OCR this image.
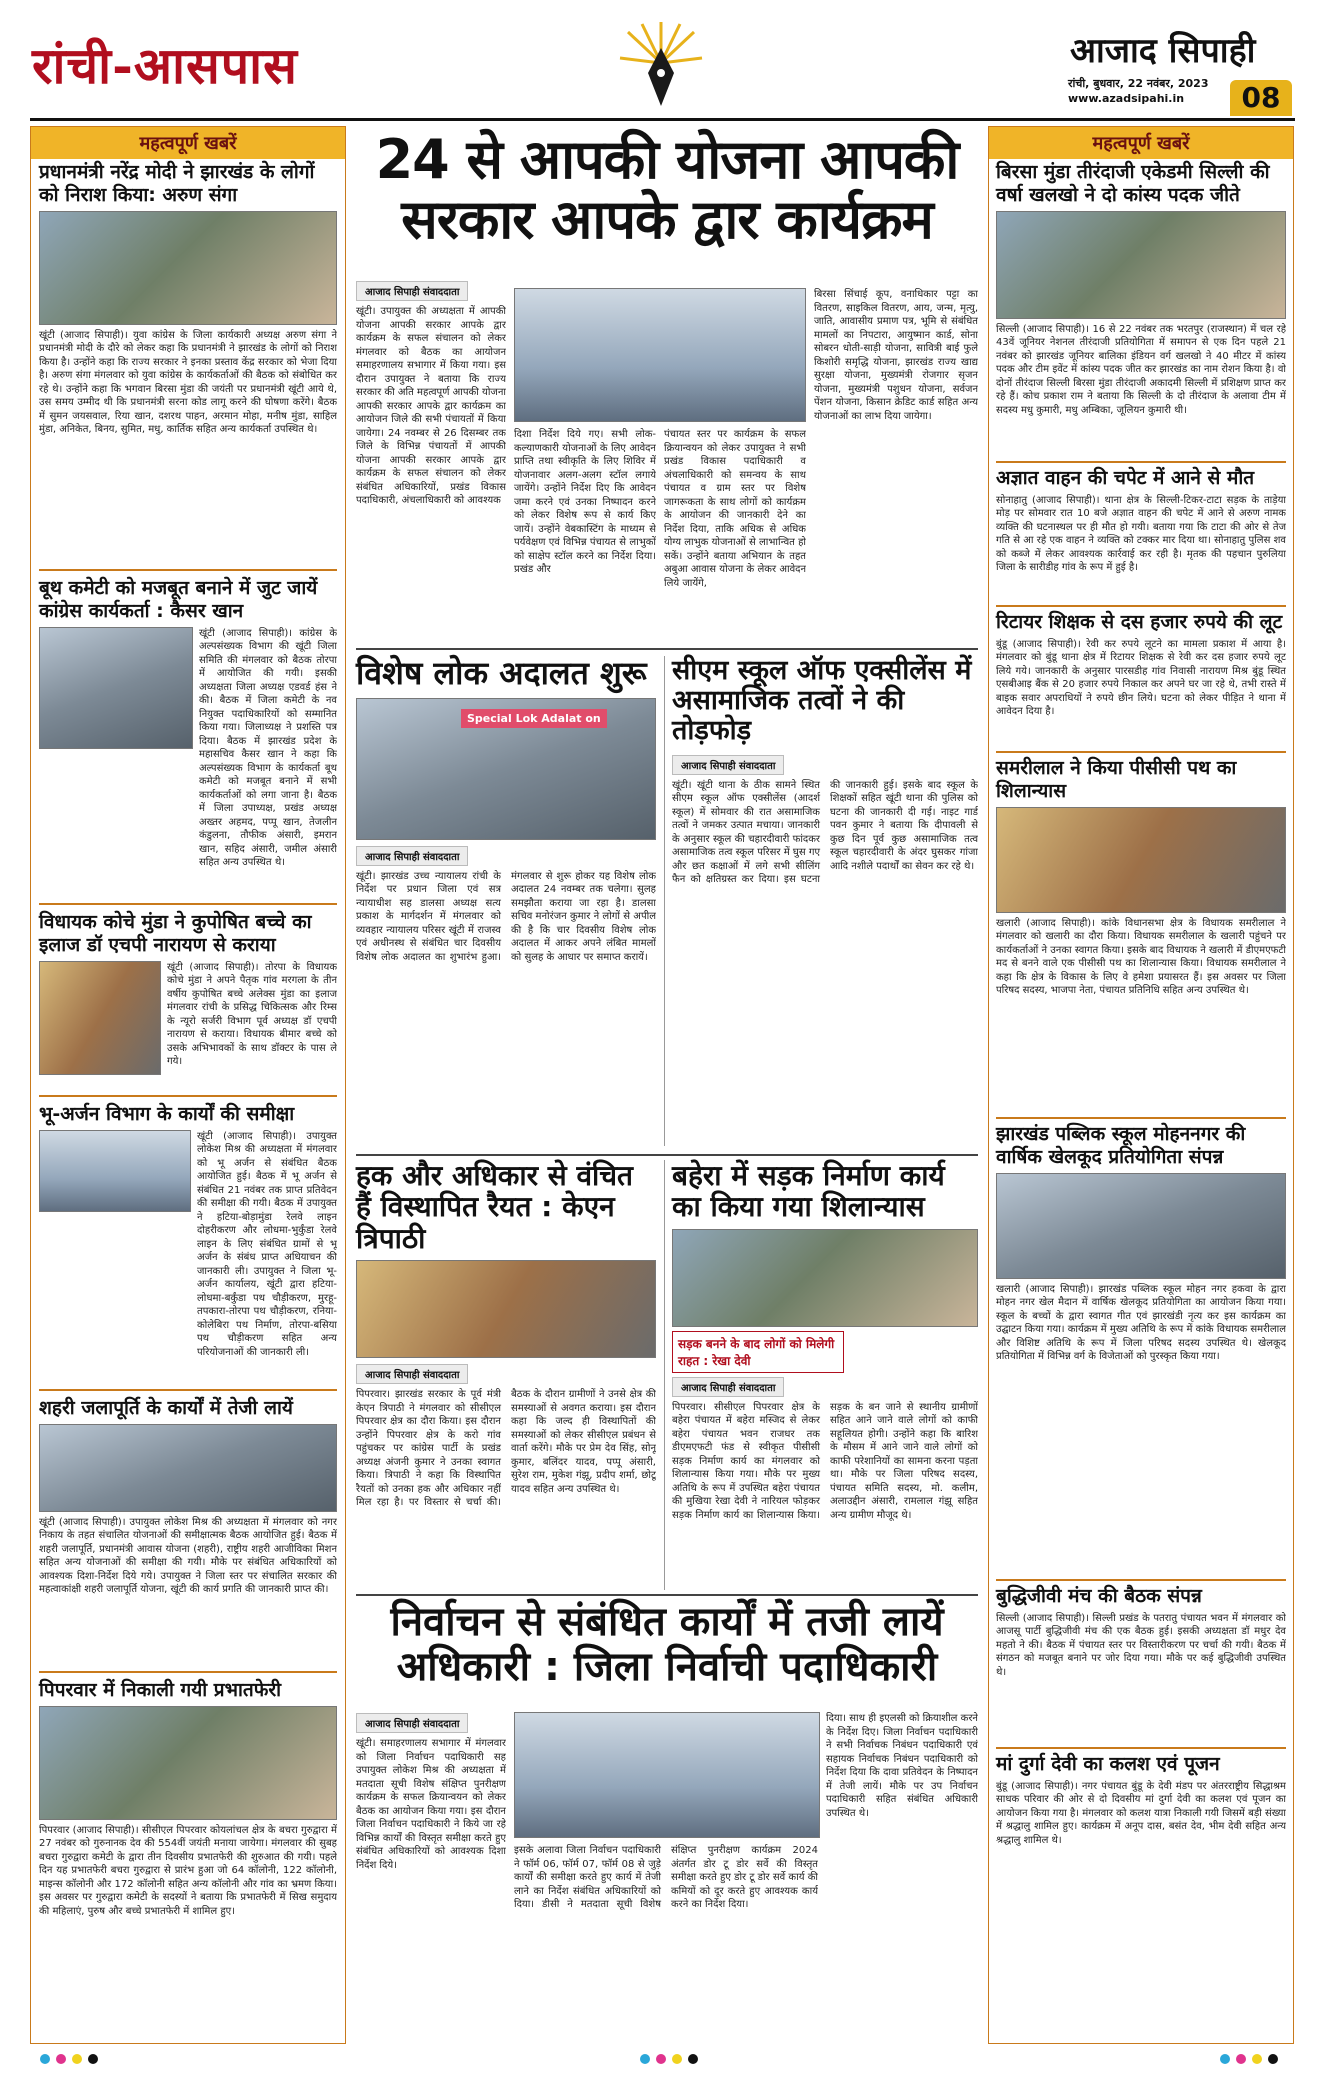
रांची-आसपास	आजाद सिपाही
रांची, बुधवार, 22 नवंबर, 2023
www.azadsipahi.in	08
महत्वपूर्ण खबरें
प्रधानमंत्री नरेंद्र मोदी ने झारखंड के लोगों को निराश किया: अरुण संगा
खूंटी (आजाद सिपाही)। युवा कांग्रेस के जिला कार्यकारी अध्यक्ष अरुण संगा ने प्रधानमंत्री मोदी के दौरे को लेकर कहा कि प्रधानमंत्री ने झारखंड के लोगों को निराश किया है। उन्होंने कहा कि राज्य सरकार ने इनका प्रस्ताव केंद्र सरकार को भेजा दिया है। अरुण संगा मंगलवार को युवा कांग्रेस के कार्यकर्ताओं की बैठक को संबोधित कर रहे थे। उन्होंने कहा कि भगवान बिरसा मुंडा की जयंती पर प्रधानमंत्री खूंटी आये थे, उस समय उम्मीद थी कि प्रधानमंत्री सरना कोड लागू करने की घोषणा करेंगे। बैठक में सुमन जयसवाल, रिया खान, दशरथ पाहन, अरमान मोहा, मनीष मुंडा, साहिल मुंडा, अनिकेत, बिनय, सुमित, मधु, कार्तिक सहित अन्य कार्यकर्ता उपस्थित थे।
बूथ कमेटी को मजबूत बनाने में जुट जायें कांग्रेस कार्यकर्ता : कैसर खान
खूंटी (आजाद सिपाही)। कांग्रेस के अल्पसंख्यक विभाग की खूंटी जिला समिति की मंगलवार को बैठक तोरपा में आयोजित की गयी। इसकी अध्यक्षता जिला अध्यक्ष एडवर्ड हंस ने की। बैठक में जिला कमेटी के नव नियुक्त पदाधिकारियों को सम्मानित किया गया। जिलाध्यक्ष ने प्रशस्ति पत्र दिया। बैठक में झारखंड प्रदेश के महासचिव कैसर खान ने कहा कि अल्पसंख्यक विभाग के कार्यकर्ता बूथ कमेटी को मजबूत बनाने में सभी कार्यकर्ताओं को लगा जाना है। बैठक में जिला उपाध्यक्ष, प्रखंड अध्यक्ष अख्तर अहमद, पप्पू खान, तेजलीन कंडुलना, तौफीक अंसारी, इमरान खान, सहिद अंसारी, जमील अंसारी सहित अन्य उपस्थित थे।
विधायक कोचे मुंडा ने कुपोषित बच्चे का इलाज डॉ एचपी नारायण से कराया
खूंटी (आजाद सिपाही)। तोरपा के विधायक कोचे मुंडा ने अपने पैतृक गांव मरगला के तीन वर्षीय कुपोषित बच्चे अलेक्स मुंडा का इलाज मंगलवार रांची के प्रसिद्ध चिकित्सक और रिम्स के न्यूरो सर्जरी विभाग पूर्व अध्यक्ष डॉ एचपी नारायण से कराया। विधायक बीमार बच्चे को उसके अभिभावकों के साथ डॉक्टर के पास ले गये।
भू-अर्जन विभाग के कार्यों की समीक्षा
खूंटी (आजाद सिपाही)। उपायुक्त लोकेश मिश्र की अध्यक्षता में मंगलवार को भू अर्जन से संबंधित बैठक आयोजित हुई। बैठक में भू अर्जन से संबंधित 21 नवंबर तक प्राप्त प्रतिवेदन की समीक्षा की गयी। बैठक में उपायुक्त ने हटिया-बोड़ामुंडा रेलवे लाइन दोहरीकरण और लोधमा-भुर्कुंडा रेलवे लाइन के लिए संबंधित ग्रामों से भू अर्जन के संबंध प्राप्त अधियाचन की जानकारी ली। उपायुक्त ने जिला भू-अर्जन कार्यालय, खूंटी द्वारा हटिया-लोधमा-बर्कुंडा पथ चौड़ीकरण, मुरहू-तपकारा-तोरपा पथ चौड़ीकरण, रनिया-कोलेबिरा पथ निर्माण, तोरपा-बसिया पथ चौड़ीकरण सहित अन्य परियोजनाओं की जानकारी ली।
शहरी जलापूर्ति के कार्यों में तेजी लायें
खूंटी (आजाद सिपाही)। उपायुक्त लोकेश मिश्र की अध्यक्षता में मंगलवार को नगर निकाय के तहत संचालित योजनाओं की समीक्षात्मक बैठक आयोजित हुई। बैठक में शहरी जलापूर्ति, प्रधानमंत्री आवास योजना (शहरी), राष्ट्रीय शहरी आजीविका मिशन सहित अन्य योजनाओं की समीक्षा की गयी। मौके पर संबंधित अधिकारियों को आवश्यक दिशा-निर्देश दिये गये। उपायुक्त ने जिला स्तर पर संचालित सरकार की महत्वाकांक्षी शहरी जलापूर्ति योजना, खूंटी की कार्य प्रगति की जानकारी प्राप्त की।
पिपरवार में निकाली गयी प्रभातफेरी
पिपरवार (आजाद सिपाही)। सीसीएल पिपरवार कोयलांचल क्षेत्र के बचरा गुरुद्वारा में 27 नवंबर को गुरुनानक देव की 554वीं जयंती मनाया जायेगा। मंगलवार की सुबह बचरा गुरुद्वारा कमेटी के द्वारा तीन दिवसीय प्रभातफेरी की शुरुआत की गयी। पहले दिन यह प्रभातफेरी बचरा गुरुद्वारा से प्रारंभ हुआ जो 64 कॉलोनी, 122 कॉलोनी, माइन्स कॉलोनी और 172 कॉलोनी सहित अन्य कॉलोनी और गांव का भ्रमण किया। इस अवसर पर गुरुद्वारा कमेटी के सदस्यों ने बताया कि प्रभातफेरी में सिख समुदाय की महिलाएं, पुरुष और बच्चे प्रभातफेरी में शामिल हुए।
24 से आपकी योजना आपकी सरकार आपके द्वार कार्यक्रम
आजाद सिपाही संवाददाता
खूंटी। उपायुक्त की अध्यक्षता में आपकी योजना आपकी सरकार आपके द्वार कार्यक्रम के सफल संचालन को लेकर मंगलवार को बैठक का आयोजन समाहरणालय सभागार में किया गया। इस दौरान उपायुक्त ने बताया कि राज्य सरकार की अति महत्वपूर्ण आपकी योजना आपकी सरकार आपके द्वार कार्यक्रम का आयोजन जिले की सभी पंचायतों में किया जायेगा। 24 नवम्बर से 26 दिसम्बर तक जिले के विभिन्न पंचायतों में आपकी योजना आपकी सरकार आपके द्वार कार्यक्रम के सफल संचालन को लेकर संबंधित अधिकारियों, प्रखंड विकास पदाधिकारी, अंचलाधिकारी को आवश्यक
दिशा निर्देश दिये गए। सभी लोक-कल्याणकारी योजनाओं के लिए आवेदन प्राप्ति तथा स्वीकृति के लिए शिविर में योजनावार अलग-अलग स्टॉल लगाये जायेंगे। उन्होंने निर्देश दिए कि आवेदन जमा करने एवं उनका निष्पादन करने को लेकर विशेष रूप से कार्य किए जायें। उन्होंने वेबकास्टिंग के माध्यम से पर्यवेक्षण एवं विभिन्न पंचायत से लाभुकों को साक्षेप स्टॉल करने का निर्देश दिया। प्रखंड और
पंचायत स्तर पर कार्यक्रम के सफल क्रियान्वयन को लेकर उपायुक्त ने सभी प्रखंड विकास पदाधिकारी व अंचलाधिकारी को समन्वय के साथ पंचायत व ग्राम स्तर पर विशेष जागरूकता के साथ लोगों को कार्यक्रम के आयोजन की जानकारी देने का निर्देश दिया, ताकि अधिक से अधिक योग्य लाभुक योजनाओं से लाभान्वित हो सकें। उन्होंने बताया अभियान के तहत अबुआ आवास योजना के लेकर आवेदन लिये जायेंगे,
बिरसा सिंचाई कूप, वनाधिकार पट्टा का वितरण, साइकिल वितरण, आय, जन्म, मृत्यु, जाति, आवासीय प्रमाण पत्र, भूमि से संबंधित मामलों का निपटारा, आयुष्मान कार्ड, सोना सोबरन धोती-साड़ी योजना, सावित्री बाई फुले किशोरी समृद्धि योजना, झारखंड राज्य खाद्य सुरक्षा योजना, मुख्यमंत्री रोजगार सृजन योजना, मुख्यमंत्री पशुधन योजना, सर्वजन पेंशन योजना, किसान क्रेडिट कार्ड सहित अन्य योजनाओं का लाभ दिया जायेगा।
विशेष लोक अदालत शुरू
Special Lok Adalat on
आजाद सिपाही संवाददाता
खूंटी। झारखंड उच्च न्यायालय रांची के निर्देश पर प्रधान जिला एवं सत्र न्यायाधीश सह डालसा अध्यक्ष सत्य प्रकाश के मार्गदर्शन में मंगलवार को व्यवहार न्यायालय परिसर खूंटी में राजस्व एवं अधीनस्थ से संबंधित चार दिवसीय विशेष लोक अदालत का शुभारंभ हुआ। मंगलवार से शुरू होकर यह विशेष लोक अदालत 24 नवम्बर तक चलेगा। सुलह समझौता कराया जा रहा है। डालसा सचिव मनोरंजन कुमार ने लोगों से अपील की है कि चार दिवसीय विशेष लोक अदालत में आकर अपने लंबित मामलों को सुलह के आधार पर समाप्त करायें।
सीएम स्कूल ऑफ एक्सीलेंस में असामाजिक तत्वों ने की तोड़फोड़
आजाद सिपाही संवाददाता
खूंटी। खूंटी थाना के ठीक सामने स्थित सीएम स्कूल ऑफ एक्सीलेंस (आदर्श स्कूल) में सोमवार की रात असामाजिक तत्वों ने जमकर उत्पात मचाया। जानकारी के अनुसार स्कूल की चहारदीवारी फांदकर असामाजिक तत्व स्कूल परिसर में घुस गए और छत कक्षाओं में लगे सभी सीलिंग फैन को क्षतिग्रस्त कर दिया। इस घटना की जानकारी हुई। इसके बाद स्कूल के शिक्षकों सहित खूंटी थाना की पुलिस को घटना की जानकारी दी गई। नाइट गार्ड पवन कुमार ने बताया कि दीपावली से कुछ दिन पूर्व कुछ असामाजिक तत्व स्कूल चहारदीवारी के अंदर घुसकर गांजा आदि नशीले पदार्थों का सेवन कर रहे थे।
हक और अधिकार से वंचित हैं विस्थापित रैयत : केएन त्रिपाठी
आजाद सिपाही संवाददाता
पिपरवार। झारखंड सरकार के पूर्व मंत्री केएन त्रिपाठी ने मंगलवार को सीसीएल पिपरवार क्षेत्र का दौरा किया। इस दौरान उन्होंने पिपरवार क्षेत्र के करो गांव पहुंचकर पर कांग्रेस पार्टी के प्रखंड अध्यक्ष अंजनी कुमार ने उनका स्वागत किया। त्रिपाठी ने कहा कि विस्थापित रैयतों को उनका हक और अधिकार नहीं मिल रहा है। पर विस्तार से चर्चा की। बैठक के दौरान ग्रामीणों ने उनसे क्षेत्र की समस्याओं से अवगत कराया। इस दौरान कहा कि जल्द ही विस्थापितों की समस्याओं को लेकर सीसीएल प्रबंधन से वार्ता करेंगे। मौके पर प्रेम देव सिंह, सोनू कुमार, बलिंदर यादव, पप्पू अंसारी, सुरेश राम, मुकेश गंझू, प्रदीप शर्मा, छोटू यादव सहित अन्य उपस्थित थे।
बहेरा में सड़क निर्माण कार्य का किया गया शिलान्यास
सड़क बनने के बाद लोगों को मिलेगी राहत : रेखा देवी
आजाद सिपाही संवाददाता
पिपरवार। सीसीएल पिपरवार क्षेत्र के बहेरा पंचायत में बहेरा मस्जिद से लेकर बहेरा पंचायत भवन राजधर तक डीएमएफटी फंड से स्वीकृत पीसीसी सड़क निर्माण कार्य का मंगलवार को शिलान्यास किया गया। मौके पर मुख्य अतिथि के रूप में उपस्थित बहेरा पंचायत की मुखिया रेखा देवी ने नारियल फोड़कर सड़क निर्माण कार्य का शिलान्यास किया। सड़क के बन जाने से स्थानीय ग्रामीणों सहित आने जाने वाले लोगों को काफी सहूलियत होगी। उन्होंने कहा कि बारिश के मौसम में आने जाने वाले लोगों को काफी परेशानियों का सामना करना पड़ता था। मौके पर जिला परिषद सदस्य, पंचायत समिति सदस्य, मो. कलीम, अलाउद्दीन अंसारी, रामलाल गंझू सहित अन्य ग्रामीण मौजूद थे।
निर्वाचन से संबंधित कार्यों में तजी लायें अधिकारी : जिला निर्वाची पदाधिकारी
आजाद सिपाही संवाददाता
खूंटी। समाहरणालय सभागार में मंगलवार को जिला निर्वाचन पदाधिकारी सह उपायुक्त लोकेश मिश्र की अध्यक्षता में मतदाता सूची विशेष संक्षिप्त पुनरीक्षण कार्यक्रम के सफल क्रियान्वयन को लेकर बैठक का आयोजन किया गया। इस दौरान जिला निर्वाचन पदाधिकारी ने किये जा रहे विभिन्न कार्यों की विस्तृत समीक्षा करते हुए संबंधित अधिकारियों को आवश्यक दिशा निर्देश दिये।
इसके अलावा जिला निर्वाचन पदाधिकारी ने फॉर्म 06, फॉर्म 07, फॉर्म 08 से जुड़े कार्यों की समीक्षा करते हुए कार्य में तेजी लाने का निर्देश संबंधित अधिकारियों को दिया। डीसी ने मतदाता सूची विशेष संक्षिप्त पुनरीक्षण कार्यक्रम 2024 अंतर्गत डोर टू डोर सर्वे की विस्तृत समीक्षा करते हुए डोर टू डोर सर्वे कार्य की कमियों को दूर करते हुए आवश्यक कार्य करने का निर्देश दिया।
दिया। साथ ही इएलसी को क्रियाशील करने के निर्देश दिए। जिला निर्वाचन पदाधिकारी ने सभी निर्वाचक निबंधन पदाधिकारी एवं सहायक निर्वाचक निबंधन पदाधिकारी को निर्देश दिया कि दावा प्रतिवेदन के निष्पादन में तेजी लायें। मौके पर उप निर्वाचन पदाधिकारी सहित संबंधित अधिकारी उपस्थित थे।
महत्वपूर्ण खबरें
बिरसा मुंडा तीरंदाजी एकेडमी सिल्ली की वर्षा खलखो ने दो कांस्य पदक जीते
सिल्ली (आजाद सिपाही)। 16 से 22 नवंबर तक भरतपुर (राजस्थान) में चल रहे 43वें जूनियर नेशनल तीरंदाजी प्रतियोगिता में समापन से एक दिन पहले 21 नवंबर को झारखंड जूनियर बालिका इंडियन वर्ग खलखो ने 40 मीटर में कांस्य पदक और टीम इवेंट में कांस्य पदक जीत कर झारखंड का नाम रोशन किया है। वो दोनों तीरंदाज सिल्ली बिरसा मुंडा तीरंदाजी अकादमी सिल्ली में प्रशिक्षण प्राप्त कर रहे हैं। कोच प्रकाश राम ने बताया कि सिल्ली के दो तीरंदाज के अलावा टीम में सदस्य मधु कुमारी, मधु अम्बिका, जूलियन कुमारी थी।
अज्ञात वाहन की चपेट में आने से मौत
सोनाहातु (आजाद सिपाही)। थाना क्षेत्र के सिल्ली-टिकर-टाटा सड़क के ताड़ेया मोड़ पर सोमवार रात 10 बजे अज्ञात वाहन की चपेट में आने से अरुण नामक व्यक्ति की घटनास्थल पर ही मौत हो गयी। बताया गया कि टाटा की ओर से तेज गति से आ रहे एक वाहन ने व्यक्ति को टक्कर मार दिया था। सोनाहातु पुलिस शव को कब्जे में लेकर आवश्यक कार्रवाई कर रही है। मृतक की पहचान पुरुलिया जिला के सारीडीह गांव के रूप में हुई है।
रिटायर शिक्षक से दस हजार रुपये की लूट
बुंडू (आजाद सिपाही)। रेवी कर रुपये लूटने का मामला प्रकाश में आया है। मंगलवार को बुंडू थाना क्षेत्र में रिटायर शिक्षक से रेवी कर दस हजार रुपये लूट लिये गये। जानकारी के अनुसार पारसडीह गांव निवासी नारायण मिश्र बुंडू स्थित एसबीआइ बैंक से 20 हजार रुपये निकाल कर अपने घर जा रहे थे, तभी रास्ते में बाइक सवार अपराधियों ने रुपये छीन लिये। घटना को लेकर पीड़ित ने थाना में आवेदन दिया है।
समरीलाल ने किया पीसीसी पथ का शिलान्यास
खलारी (आजाद सिपाही)। कांके विधानसभा क्षेत्र के विधायक समरीलाल ने मंगलवार को खलारी का दौरा किया। विधायक समरीलाल के खलारी पहुंचने पर कार्यकर्ताओं ने उनका स्वागत किया। इसके बाद विधायक ने खलारी में डीएमएफटी मद से बनने वाले एक पीसीसी पथ का शिलान्यास किया। विधायक समरीलाल ने कहा कि क्षेत्र के विकास के लिए वे हमेशा प्रयासरत हैं। इस अवसर पर जिला परिषद सदस्य, भाजपा नेता, पंचायत प्रतिनिधि सहित अन्य उपस्थित थे।
झारखंड पब्लिक स्कूल मोहननगर की वार्षिक खेलकूद प्रतियोगिता संपन्न
खलारी (आजाद सिपाही)। झारखंड पब्लिक स्कूल मोहन नगर हकवा के द्वारा मोहन नगर खेल मैदान में वार्षिक खेलकूद प्रतियोगिता का आयोजन किया गया। स्कूल के बच्चों के द्वारा स्वागत गीत एवं झारखंडी नृत्य कर इस कार्यक्रम का उद्घाटन किया गया। कार्यक्रम में मुख्य अतिथि के रूप में कांके विधायक समरीलाल और विशिष्ट अतिथि के रूप में जिला परिषद सदस्य उपस्थित थे। खेलकूद प्रतियोगिता में विभिन्न वर्ग के विजेताओं को पुरस्कृत किया गया।
बुद्धिजीवी मंच की बैठक संपन्न
सिल्ली (आजाद सिपाही)। सिल्ली प्रखंड के पतरातु पंचायत भवन में मंगलवार को आजसू पार्टी बुद्धिजीवी मंच की एक बैठक हुई। इसकी अध्यक्षता डॉ मधुर देव महतो ने की। बैठक में पंचायत स्तर पर विस्तारीकरण पर चर्चा की गयी। बैठक में संगठन को मजबूत बनाने पर जोर दिया गया। मौके पर कई बुद्धिजीवी उपस्थित थे।
मां दुर्गा देवी का कलश एवं पूजन
बुंडू (आजाद सिपाही)। नगर पंचायत बुंडू के देवी मंडप पर अंतरराष्ट्रीय सिद्धाश्रम साधक परिवार की ओर से दो दिवसीय मां दुर्गा देवी का कलश एवं पूजन का आयोजन किया गया है। मंगलवार को कलश यात्रा निकाली गयी जिसमें बड़ी संख्या में श्रद्धालु शामिल हुए। कार्यक्रम में अनूप दास, बसंत देव, भीम देवी सहित अन्य श्रद्धालु शामिल थे।
